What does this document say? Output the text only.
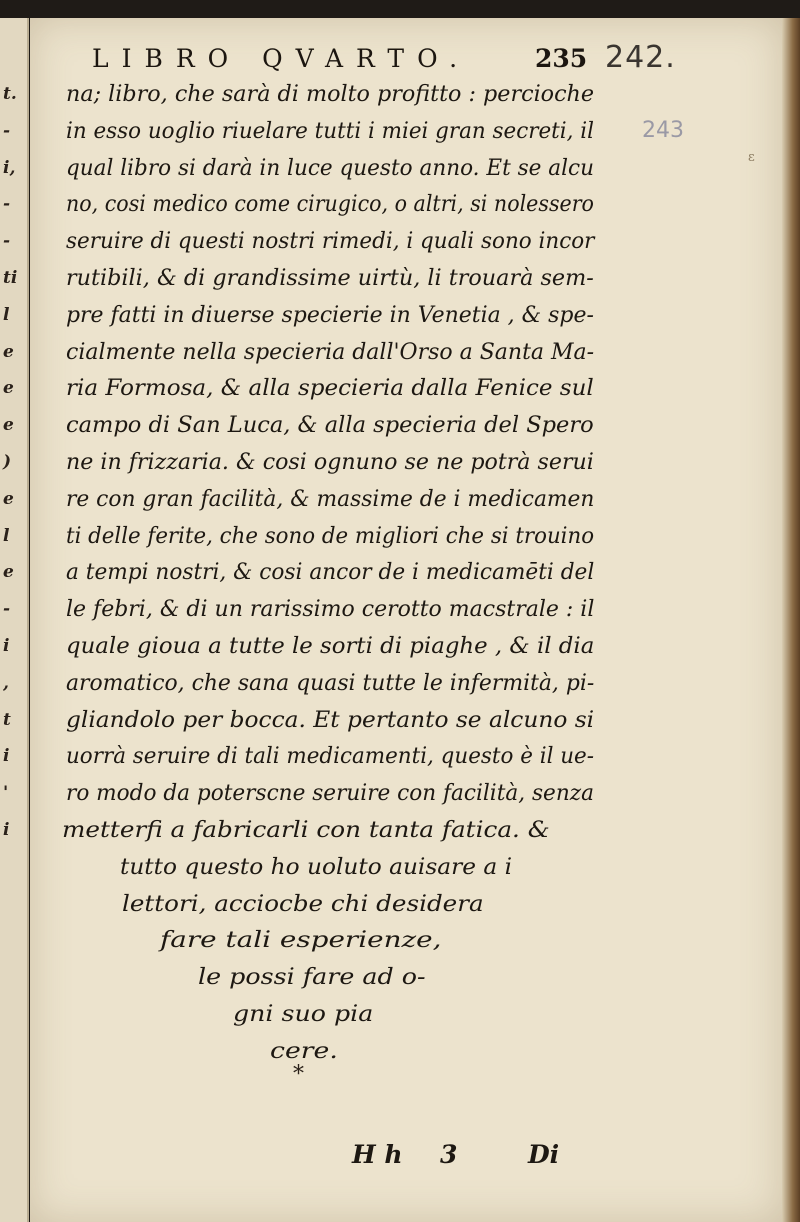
t.
-
i,
-
-
ti
l
e
e
e
)
e
l
e
-
i
,
t
i
'
i
LIBRO QVARTO.	235 242.
243
ɛ
na; libro, che sarà di molto profitto : percioche
in esso uoglio riuelare tutti i miei gran secreti, il
qual libro si darà in luce questo anno. Et se alcu
no, cosi medico come cirugico, o altri, si nolessero
seruire di questi nostri rimedi, i quali sono incor
rutibili, & di grandissime uirtù, li trouarà sem-
pre fatti in diuerse specierie in Venetia , & spe-
cialmente nella specieria dall'Orso a Santa Ma-
ria Formosa, & alla specieria dalla Fenice sul
campo di San Luca, & alla specieria del Spero
ne in frizzaria. & cosi ognuno se ne potrà serui
re con gran facilità, & massime de i medicamen
ti delle ferite, che sono de migliori che si trouino
a tempi nostri, & cosi ancor de i medicamēti del
le febri, & di un rarissimo cerotto macstrale : il
quale gioua a tutte le sorti di piaghe , & il dia
aromatico, che sana quasi tutte le infermità, pi-
gliandolo per bocca. Et pertanto se alcuno si
uorrà seruire di tali medicamenti, questo è il ue-
ro modo da poterscne seruire con facilità, senza
metterfi a fabricarli con tanta fatica. &
tutto questo ho uoluto auisare a i
lettori, acciocbe chi desidera
fare tali esperienze,
le possi fare ad o-
gni suo pia
cere.
*
H h 3	Di
